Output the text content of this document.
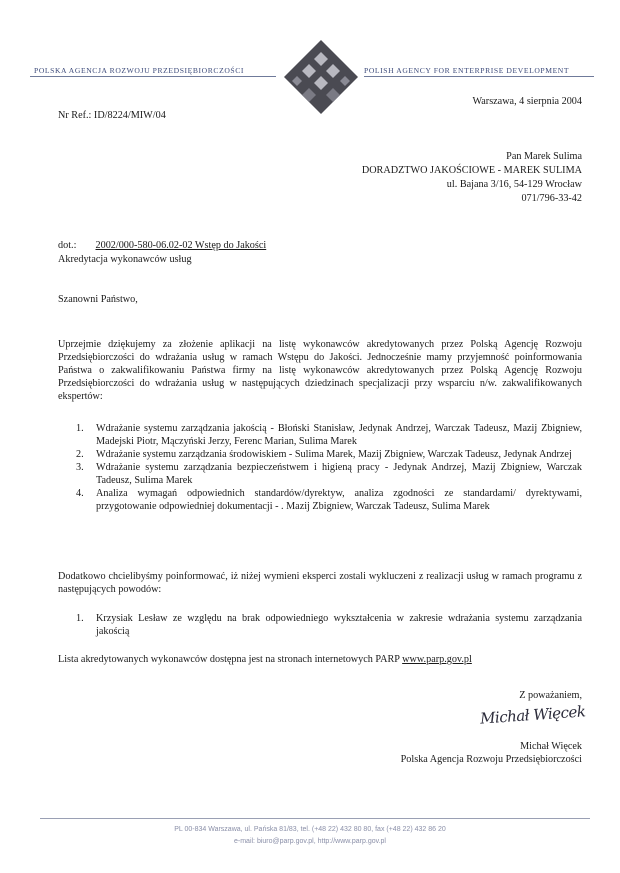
POLSKA AGENCJA ROZWOJU PRZEDSIĘBIORCZOŚCI	POLISH AGENCY FOR ENTERPRISE DEVELOPMENT
Warszawa, 4 sierpnia 2004
Nr Ref.: ID/8224/MIW/04
Pan Marek Sulima
DORADZTWO JAKOŚCIOWE - MAREK SULIMA
ul. Bajana 3/16, 54-129 Wrocław
071/796-33-42
dot.: 2002/000-580-06.02-02 Wstęp do Jakości
Akredytacja wykonawców usług
Szanowni Państwo,
Uprzejmie dziękujemy za złożenie aplikacji na listę wykonawców akredytowanych przez Polską Agencję Rozwoju Przedsiębiorczości do wdrażania usług w ramach Wstępu do Jakości. Jednocześnie mamy przyjemność poinformowania Państwa o zakwalifikowaniu Państwa firmy na listę wykonawców akredytowanych przez Polską Agencję Rozwoju Przedsiębiorczości do wdrażania usług w następujących dziedzinach specjalizacji przy wsparciu n/w. zakwalifikowanych ekspertów:
1. Wdrażanie systemu zarządzania jakością - Błoński Stanisław, Jedynak Andrzej, Warczak Tadeusz, Mazij Zbigniew, Madejski Piotr, Mączyński Jerzy, Ferenc Marian, Sulima Marek
2. Wdrażanie systemu zarządzania środowiskiem - Sulima Marek, Mazij Zbigniew, Warczak Tadeusz, Jedynak Andrzej
3. Wdrażanie systemu zarządzania bezpieczeństwem i higieną pracy - Jedynak Andrzej, Mazij Zbigniew, Warczak Tadeusz, Sulima Marek
4. Analiza wymagań odpowiednich standardów/dyrektyw, analiza zgodności ze standardami/ dyrektywami, przygotowanie odpowiedniej dokumentacji - . Mazij Zbigniew, Warczak Tadeusz, Sulima Marek
Dodatkowo chcielibyśmy poinformować, iż niżej wymieni eksperci zostali wykluczeni z realizacji usług w ramach programu z następujących powodów:
1. Krzysiak Lesław ze względu na brak odpowiedniego wykształcenia w zakresie wdrażania systemu zarządzania jakością
Lista akredytowanych wykonawców dostępna jest na stronach internetowych PARP www.parp.gov.pl
Z poważaniem,
Michał Więcek
Michał Więcek
Polska Agencja Rozwoju Przedsiębiorczości
PL 00-834 Warszawa, ul. Pańska 81/83, tel. (+48 22) 432 80 80, fax (+48 22) 432 86 20
e-mail: biuro@parp.gov.pl, http://www.parp.gov.pl
